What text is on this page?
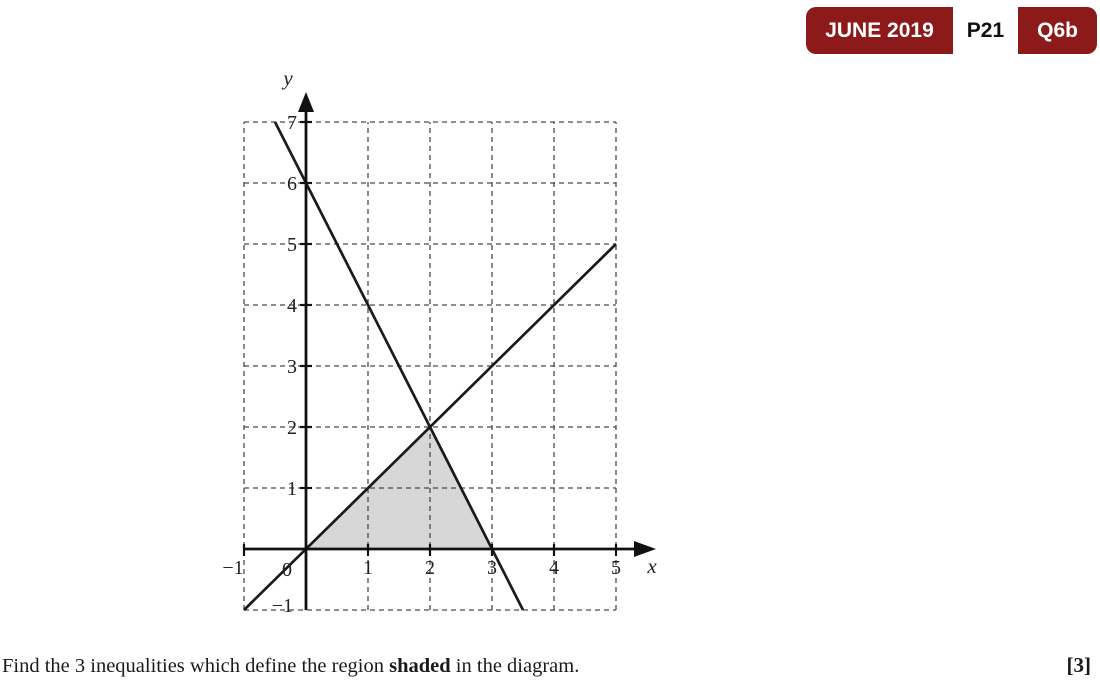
JUNE 2019	P21	Q6b
−1 0	1	2	3	4	5
−1
1
2
3
4
5
6
7
x
y
Find the 3 inequalities which define the region shaded in the diagram.	[3]
